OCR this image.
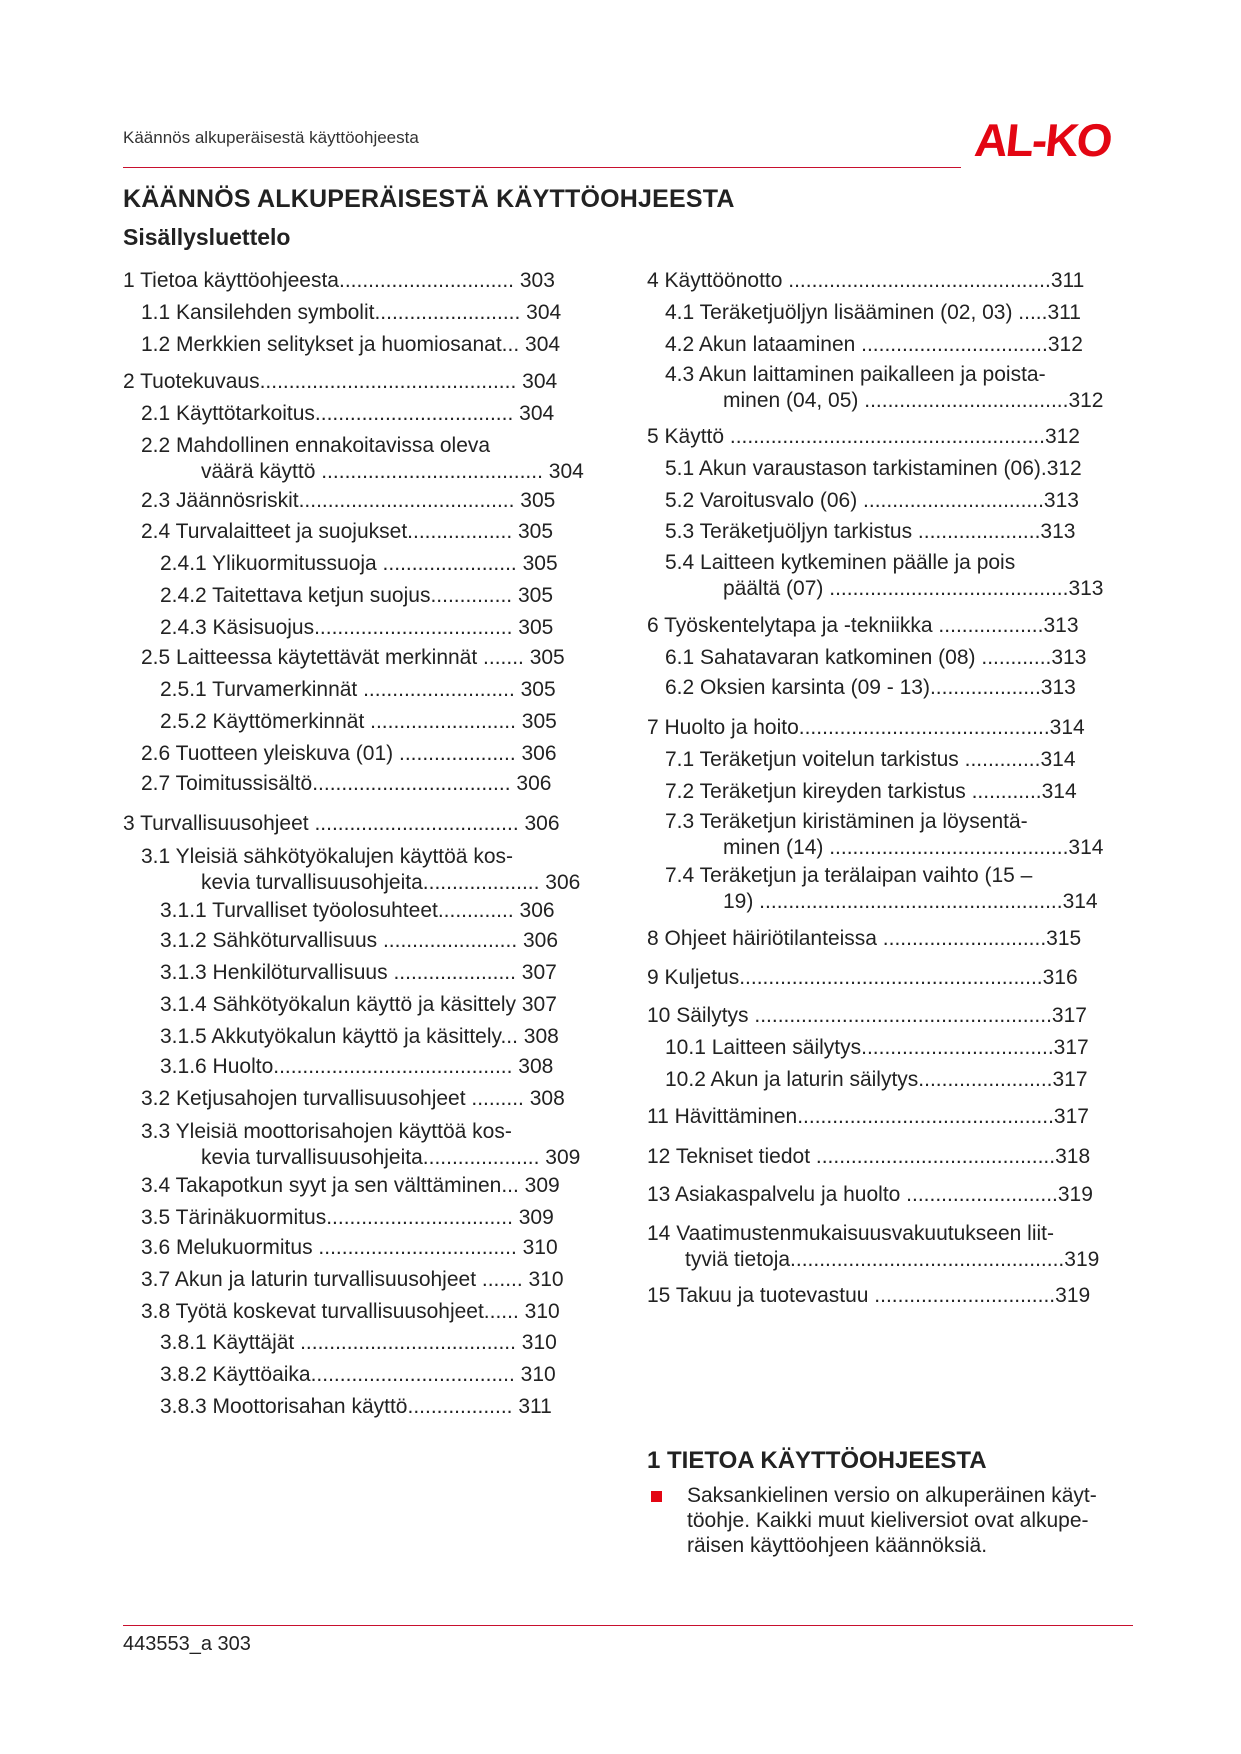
Käännös alkuperäisestä käyttöohjeesta	AL-KO
KÄÄNNÖS ALKUPERÄISESTÄ KÄYTTÖOHJEESTA
Sisällysluettelo
1 Tietoa käyttöohjeesta.............................. 303
1.1 Kansilehden symbolit......................... 304
1.2 Merkkien selitykset ja huomiosanat... 304
2 Tuotekuvaus............................................ 304
2.1 Käyttötarkoitus.................................. 304
2.2 Mahdollinen ennakoitavissa oleva
väärä käyttö ...................................... 304
2.3 Jäännösriskit..................................... 305
2.4 Turvalaitteet ja suojukset.................. 305
2.4.1 Ylikuormitussuoja ....................... 305
2.4.2 Taitettava ketjun suojus.............. 305
2.4.3 Käsisuojus.................................. 305
2.5 Laitteessa käytettävät merkinnät ....... 305
2.5.1 Turvamerkinnät .......................... 305
2.5.2 Käyttömerkinnät ......................... 305
2.6 Tuotteen yleiskuva (01) .................... 306
2.7 Toimitussisältö.................................. 306
3 Turvallisuusohjeet ................................... 306
3.1 Yleisiä sähkötyökalujen käyttöä kos-
kevia turvallisuusohjeita.................... 306
3.1.1 Turvalliset työolosuhteet............. 306
3.1.2 Sähköturvallisuus ....................... 306
3.1.3 Henkilöturvallisuus ..................... 307
3.1.4 Sähkötyökalun käyttö ja käsittely 307
3.1.5 Akkutyökalun käyttö ja käsittely... 308
3.1.6 Huolto......................................... 308
3.2 Ketjusahojen turvallisuusohjeet ......... 308
3.3 Yleisiä moottorisahojen käyttöä kos-
kevia turvallisuusohjeita.................... 309
3.4 Takapotkun syyt ja sen välttäminen... 309
3.5 Tärinäkuormitus................................ 309
3.6 Melukuormitus .................................. 310
3.7 Akun ja laturin turvallisuusohjeet ....... 310
3.8 Työtä koskevat turvallisuusohjeet...... 310
3.8.1 Käyttäjät ..................................... 310
3.8.2 Käyttöaika................................... 310
3.8.3 Moottorisahan käyttö.................. 311
4 Käyttöönotto .............................................311
4.1 Teräketjuöljyn lisääminen (02, 03) .....311
4.2 Akun lataaminen ................................312
4.3 Akun laittaminen paikalleen ja poista-
minen (04, 05) ...................................312
5 Käyttö ......................................................312
5.1 Akun varaustason tarkistaminen (06).312
5.2 Varoitusvalo (06) ...............................313
5.3 Teräketjuöljyn tarkistus .....................313
5.4 Laitteen kytkeminen päälle ja pois
päältä (07) .........................................313
6 Työskentelytapa ja -tekniikka ..................313
6.1 Sahatavaran katkominen (08) ............313
6.2 Oksien karsinta (09 - 13)...................313
7 Huolto ja hoito...........................................314
7.1 Teräketjun voitelun tarkistus .............314
7.2 Teräketjun kireyden tarkistus ............314
7.3 Teräketjun kiristäminen ja löysentä-
minen (14) .........................................314
7.4 Teräketjun ja terälaipan vaihto (15 –
19) ....................................................314
8 Ohjeet häiriötilanteissa ............................315
9 Kuljetus....................................................316
10 Säilytys ...................................................317
10.1 Laitteen säilytys.................................317
10.2 Akun ja laturin säilytys.......................317
11 Hävittäminen............................................317
12 Tekniset tiedot .........................................318
13 Asiakaspalvelu ja huolto ..........................319
14 Vaatimustenmukaisuusvakuutukseen liit-
tyviä tietoja...............................................319
15 Takuu ja tuotevastuu ...............................319
1 TIETOA KÄYTTÖOHJEESTA
Saksankielinen versio on alkuperäinen käyt-
töohje. Kaikki muut kieliversiot ovat alkupe-
räisen käyttöohjeen käännöksiä.
443553_a 303
